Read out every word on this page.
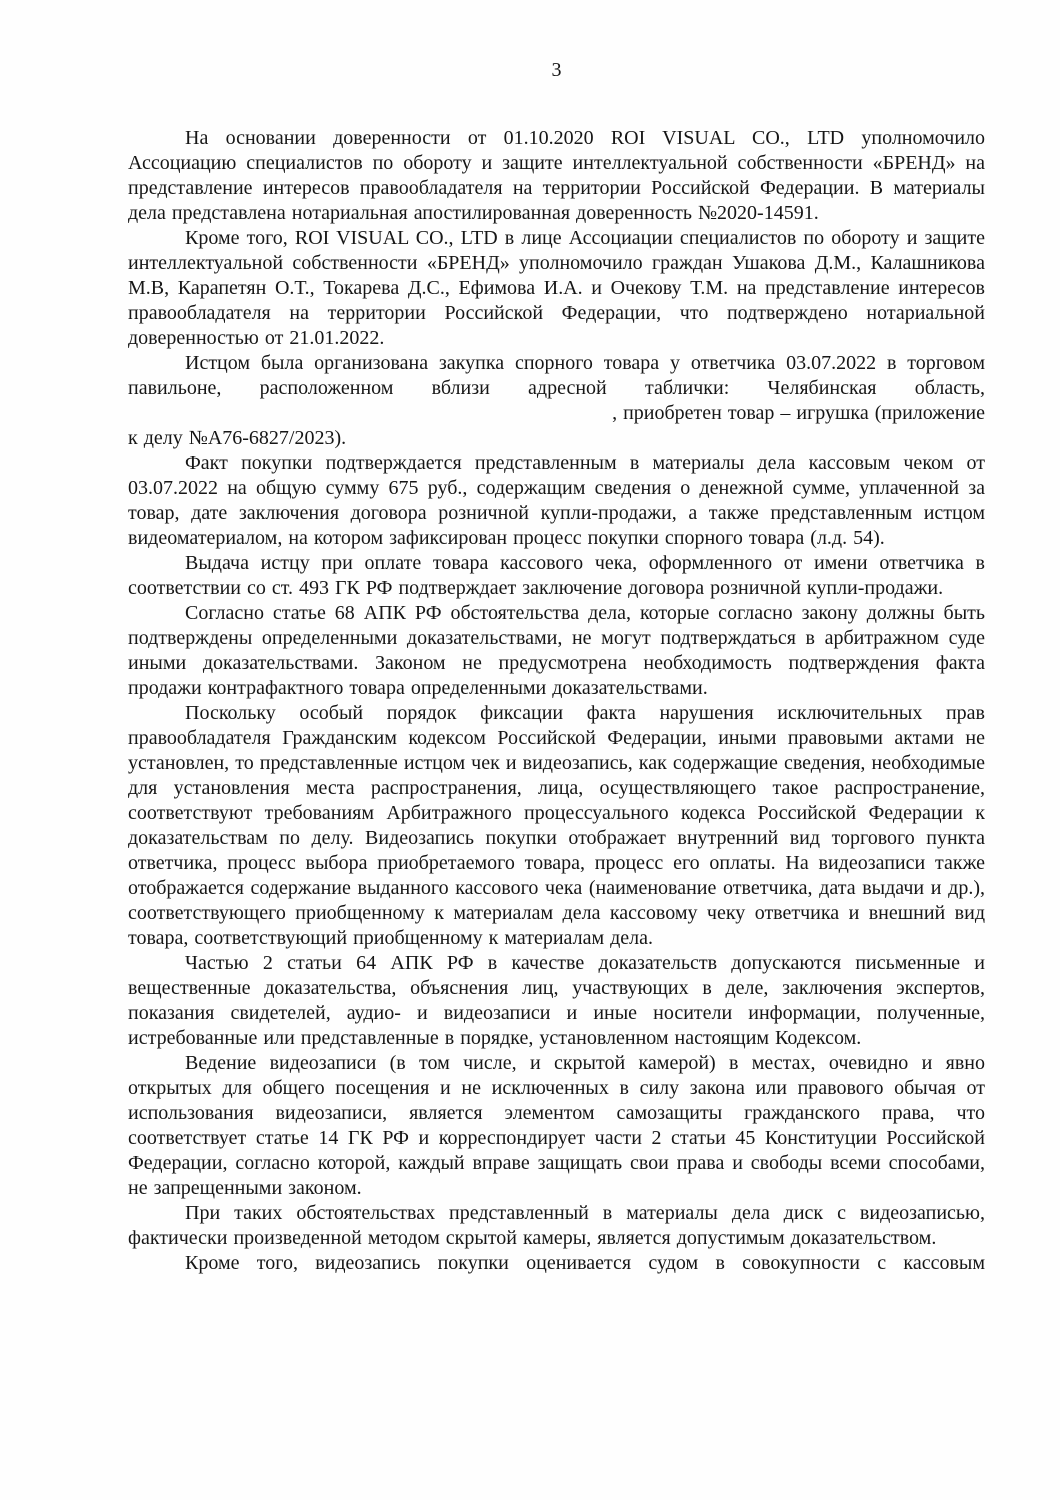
3

На основании доверенности от 01.10.2020 ROI VISUAL CO., LTD уполномочило Ассоциацию специалистов по обороту и защите интеллектуальной собственности «БРЕНД» на представление интересов правообладателя на территории Российской Федерации. В материалы дела представлена нотариальная апостилированная доверенность №2020-14591.

Кроме того, ROI VISUAL CO., LTD в лице Ассоциации специалистов по обороту и защите интеллектуальной собственности «БРЕНД» уполномочило граждан Ушакова Д.М., Калашникова М.В, Карапетян О.Т., Токарева Д.С., Ефимова И.А. и Очекову Т.М. на представление интересов правообладателя на территории Российской Федерации, что подтверждено нотариальной доверенностью от 21.01.2022.

Истцом была организована закупка спорного товара у ответчика 03.07.2022 в торговом павильоне, расположенном вблизи адресной таблички: Челябинская область,

, приобретен товар – игрушка (приложение

к делу №А76-6827/2023).

Факт покупки подтверждается представленным в материалы дела кассовым чеком от 03.07.2022 на общую сумму 675 руб., содержащим сведения о денежной сумме, уплаченной за товар, дате заключения договора розничной купли-продажи, а также представленным истцом видеоматериалом, на котором зафиксирован процесс покупки спорного товара (л.д. 54).

Выдача истцу при оплате товара кассового чека, оформленного от имени ответчика в соответствии со ст. 493 ГК РФ подтверждает заключение договора розничной купли-продажи.

Согласно статье 68 АПК РФ обстоятельства дела, которые согласно закону должны быть подтверждены определенными доказательствами, не могут подтверждаться в арбитражном суде иными доказательствами. Законом не предусмотрена необходимость подтверждения факта продажи контрафактного товара определенными доказательствами.

Поскольку особый порядок фиксации факта нарушения исключительных прав правообладателя Гражданским кодексом Российской Федерации, иными правовыми актами не установлен, то представленные истцом чек и видеозапись, как содержащие сведения, необходимые для установления места распространения, лица, осуществляющего такое распространение, соответствуют требованиям Арбитражного процессуального кодекса Российской Федерации к доказательствам по делу. Видеозапись покупки отображает внутренний вид торгового пункта ответчика, процесс выбора приобретаемого товара, процесс его оплаты. На видеозаписи также отображается содержание выданного кассового чека (наименование ответчика, дата выдачи и др.), соответствующего приобщенному к материалам дела кассовому чеку ответчика и внешний вид товара, соответствующий приобщенному к материалам дела.

Частью 2 статьи 64 АПК РФ в качестве доказательств допускаются письменные и вещественные доказательства, объяснения лиц, участвующих в деле, заключения экспертов, показания свидетелей, аудио- и видеозаписи и иные носители информации, полученные, истребованные или представленные в порядке, установленном настоящим Кодексом.

Ведение видеозаписи (в том числе, и скрытой камерой) в местах, очевидно и явно открытых для общего посещения и не исключенных в силу закона или правового обычая от использования видеозаписи, является элементом самозащиты гражданского права, что соответствует статье 14 ГК РФ и корреспондирует части 2 статьи 45 Конституции Российской Федерации, согласно которой, каждый вправе защищать свои права и свободы всеми способами, не запрещенными законом.

При таких обстоятельствах представленный в материалы дела диск с видеозаписью, фактически произведенной методом скрытой камеры, является допустимым доказательством.

Кроме того, видеозапись покупки оценивается судом в совокупности с кассовым
